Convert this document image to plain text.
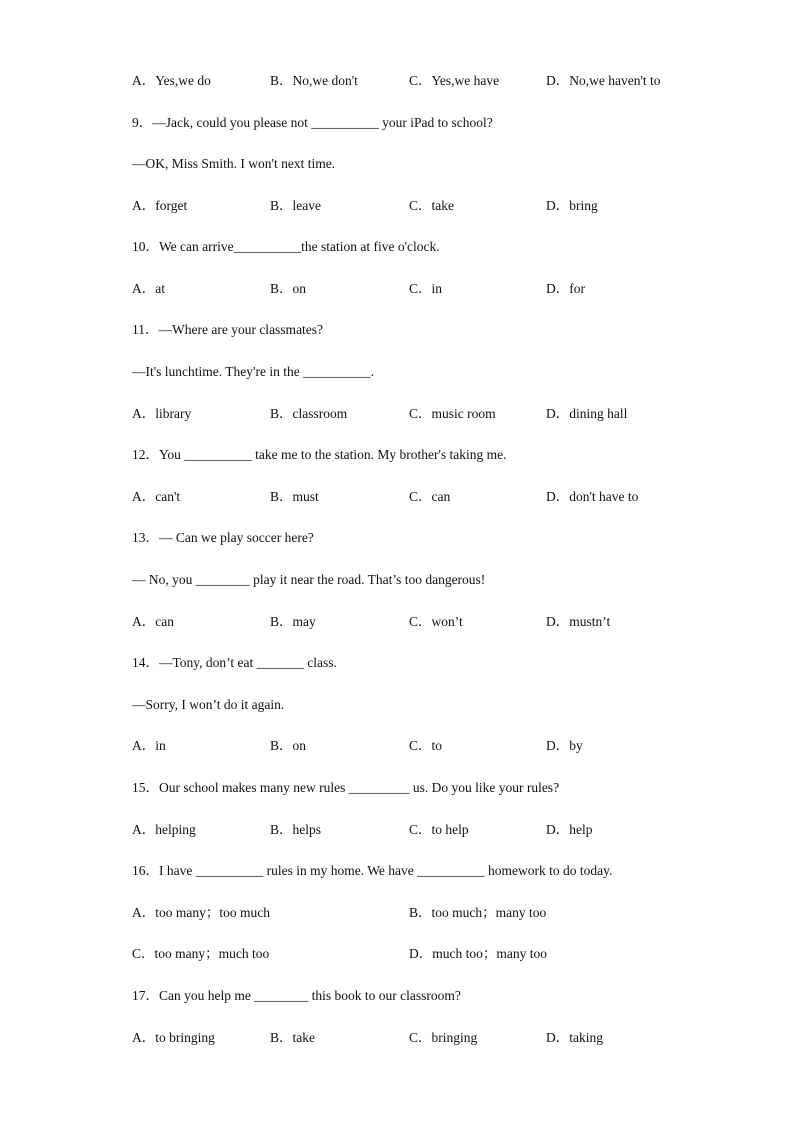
A．Yes,we do	B．No,we don't	C．Yes,we have	D．No,we haven't to
9．—Jack, could you please not __________ your iPad to school?
—OK, Miss Smith. I won't next time.
A．forget	B．leave	C．take	D．bring
10．We can arrive__________the station at five o'clock.
A．at	B．on	C．in	D．for
11．—Where are your classmates?
—It's lunchtime. They're in the __________.
A．library	B．classroom	C．music room	D．dining hall
12．You __________ take me to the station. My brother's taking me.
A．can't	B．must	C．can	D．don't have to
13．— Can we play soccer here?
— No, you ________ play it near the road. That’s too dangerous!
A．can	B．may	C．won’t	D．mustn’t
14．—Tony, don’t eat _______ class.
—Sorry, I won’t do it again.
A．in	B．on	C．to	D．by
15．Our school makes many new rules _________ us. Do you like your rules?
A．helping	B．helps	C．to help	D．help
16．I have __________ rules in my home. We have __________ homework to do today.
A．too many；too much	B．too much；many too
C．too many；much too	D．much too；many too
17．Can you help me ________ this book to our classroom?
A．to bringing	B．take	C．bringing	D．taking
